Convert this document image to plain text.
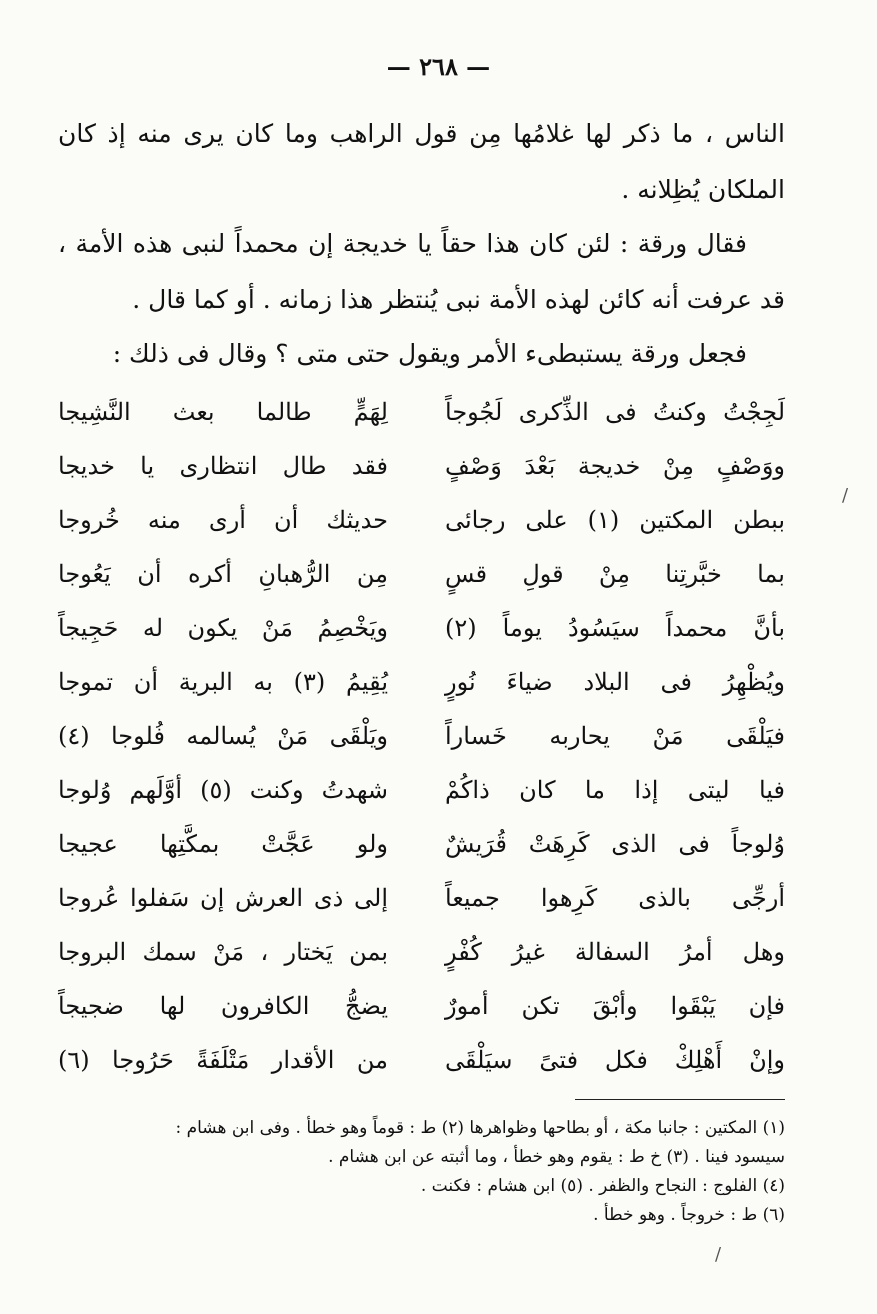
— ٢٦٨ —

الناس ، ما ذكر لها غلامُها مِن قول الراهب وما كان يرى منه إذ كان الملكان يُظِلانه .

فقال ورقة : لئن كان هذا حقاً يا خديجة إن محمداً لنبى هذه الأمة ، قد عرفت أنه كائن لهذه الأمة نبى يُنتظر هذا زمانه . أو كما قال .

فجعل ورقة يستبطىء الأمر ويقول حتى متى ؟ وقال فى ذلك :

لَجِجْتُ وكنتُ فى الذِّكرى لَجُوجاً
لِهَمٍّ طالما بعث النَّشِيجا
ووَصْفٍ مِنْ خديجة بَعْدَ وَصْفٍ
فقد طال انتظارى يا خديجا
ببطن المكتين (١) على رجائى
حديثك أن أرى منه خُروجا
بما خبَّرتِنا مِنْ قولِ قسٍ
مِن الرُّهبانِ أكره أن يَعُوجا
بأنَّ محمداً سيَسُودُ يوماً (٢)
ويَخْصِمُ مَنْ يكون له حَجِيجاً
ويُظْهِرُ فى البلاد ضياءَ نُورٍ
يُقِيمُ (٣) به البرية أن تموجا
فيَلْقَى مَنْ يحاربه خَساراً
ويَلْقَى مَنْ يُسالمه فُلوجا (٤)
فيا ليتى إذا ما كان ذاكُمْ
شهدتُ وكنت (٥) أوَّلَهم وُلوجا
وُلوجاً فى الذى كَرِهَتْ قُرَيشٌ
ولو عَجَّتْ بمكَّتِها عجيجا
أرجِّى بالذى كَرِهوا جميعاً
إلى ذى العرش إن سَفلوا عُروجا
وهل أمرُ السفالة غيرُ كُفْرٍ
بمن يَختار ، مَنْ سمك البروجا
فإن يَبْقَوا وأبْقَ تكن أمورٌ
يضجُّ الكافرون لها ضجيجاً
وإنْ أَهْلِكْ فكل فتىً سيَلْقَى
من الأقدار مَتْلَفَةً حَرُوجا (٦)

(١) المكتين : جانبا مكة ، أو بطاحها وظواهرها (٢) ط : قوماً وهو خطأ . وفى ابن هشام :

سيسود فينا . (٣) خ ط : يقوم وهو خطأ ، وما أثبته عن ابن هشام .

(٤) الفلوج : النجاح والظفر . (٥) ابن هشام : فكنت .

(٦) ط : خروجاً . وهو خطأ .

/
/
